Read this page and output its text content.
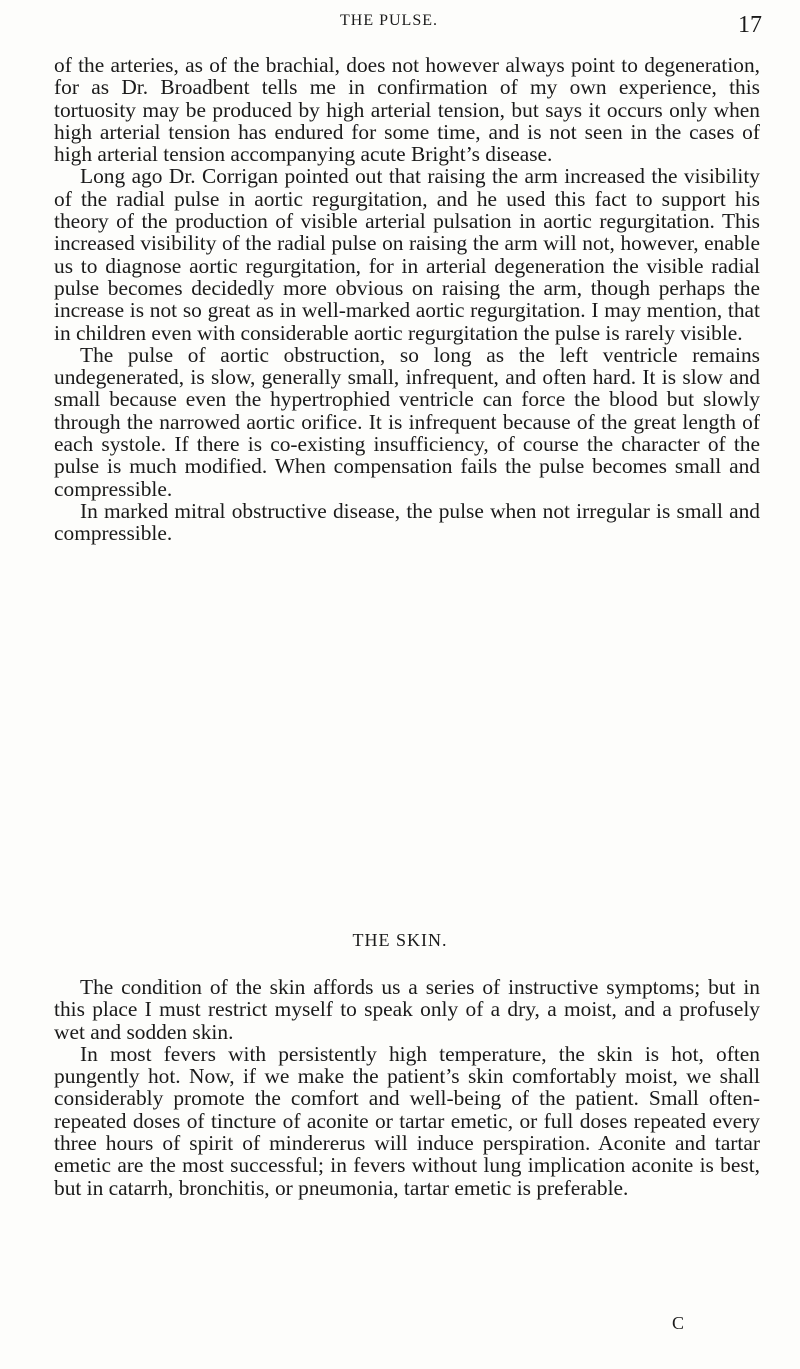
THE PULSE.	17

of the arteries, as of the brachial, does not however always point to degeneration, for as Dr. Broadbent tells me in confirmation of my own experience, this tortuosity may be produced by high arterial tension, but says it occurs only when high arterial tension has endured for some time, and is not seen in the cases of high arterial tension accompanying acute Bright’s disease.

Long ago Dr. Corrigan pointed out that raising the arm increased the visibility of the radial pulse in aortic regurgitation, and he used this fact to support his theory of the production of visible arterial pulsation in aortic regurgitation. This increased visibility of the radial pulse on raising the arm will not, however, enable us to diagnose aortic regurgitation, for in arterial degeneration the visible radial pulse becomes decidedly more obvious on raising the arm, though perhaps the increase is not so great as in well-marked aortic regurgitation. I may mention, that in children even with considerable aortic regurgitation the pulse is rarely visible.

The pulse of aortic obstruction, so long as the left ventricle remains undegenerated, is slow, generally small, infrequent, and often hard. It is slow and small because even the hypertrophied ventricle can force the blood but slowly through the narrowed aortic orifice. It is infrequent because of the great length of each systole. If there is co-existing insufficiency, of course the character of the pulse is much modified. When compensation fails the pulse becomes small and compressible.

In marked mitral obstructive disease, the pulse when not irregular is small and compressible.

THE SKIN.

The condition of the skin affords us a series of instructive symptoms; but in this place I must restrict myself to speak only of a dry, a moist, and a profusely wet and sodden skin.

In most fevers with persistently high temperature, the skin is hot, often pungently hot. Now, if we make the patient’s skin comfortably moist, we shall considerably promote the comfort and well-being of the patient. Small often-repeated doses of tincture of aconite or tartar emetic, or full doses repeated every three hours of spirit of mindererus will induce perspiration. Aconite and tartar emetic are the most successful; in fevers without lung implication aconite is best, but in catarrh, bronchitis, or pneumonia, tartar emetic is preferable.

C
